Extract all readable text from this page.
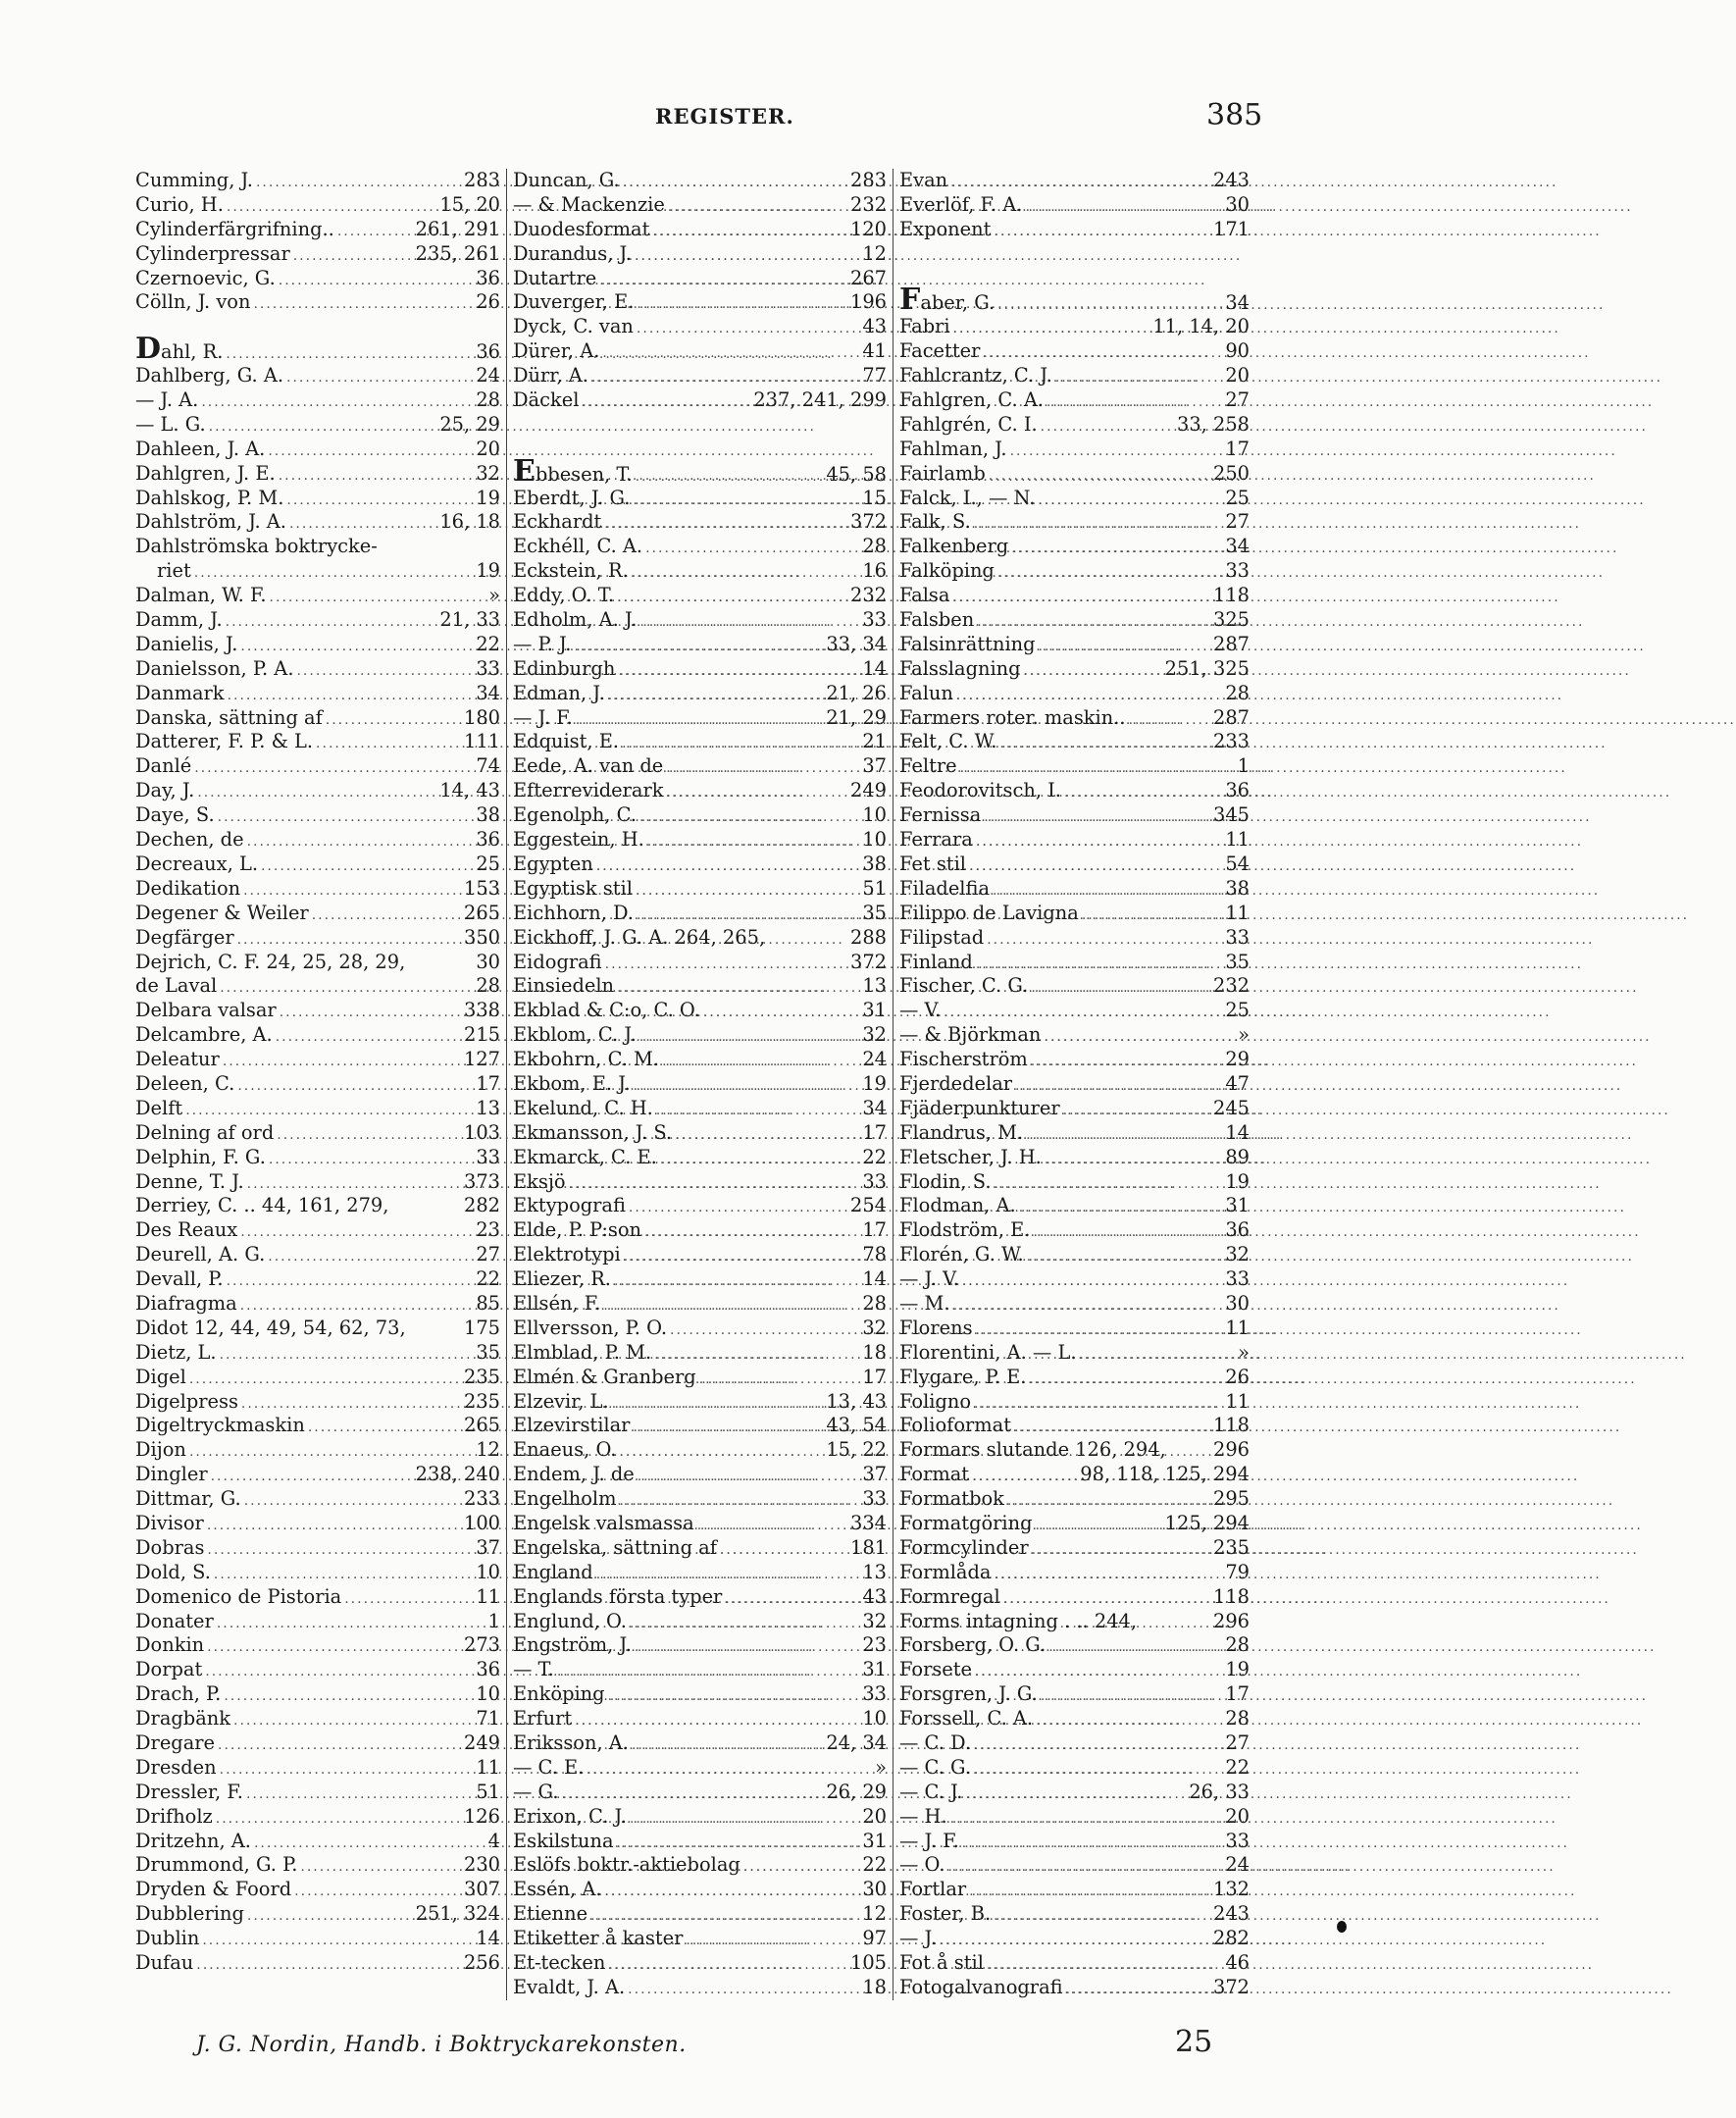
REGISTER.	385
Cumming, J. .....	283
Curio, H. .....	15, 20
Cylinderfärgrifning.. .....	261, 291
Cylinderpressar .....	235, 261
Czernoevic, G. .....	36
Cölln, J. von .....	26
Dahl, R. .....	36
Dahlberg, G. A. .....	24
— J. A. .....	28
— L. G. .....	25, 29
Dahleen, J. A. .....	20
Dahlgren, J. E. .....	32
Dahlskog, P. M. .....	19
Dahlström, J. A. .....	16, 18
Dahlströmska boktrycke-
riet .....	19
Dalman, W. F. .....	»
Damm, J. .....	21, 33
Danielis, J. .....	22
Danielsson, P. A. .....	33
Danmark .....	34
Danska, sättning af .....	180
Datterer, F. P. & L. .....	111
Danlé .....	74
Day, J. .....	14, 43
Daye, S. .....	38
Dechen, de .....	36
Decreaux, L. .....	25
Dedikation .....	153
Degener & Weiler .....	265
Degfärger .....	350
Dejrich, C. F. 24, 25, 28, 29,	30
de Laval .....	28
Delbara valsar .....	338
Delcambre, A. .....	215
Deleatur .....	127
Deleen, C. .....	17
Delft .....	13
Delning af ord .....	103
Delphin, F. G. .....	33
Denne, T. J. .....	373
Derriey, C. .. 44, 161, 279,	282
Des Reaux .....	23
Deurell, A. G. .....	27
Devall, P. .....	22
Diafragma .....	85
Didot 12, 44, 49, 54, 62, 73,	175
Dietz, L. .....	35
Digel .....	235
Digelpress .....	235
Digeltryckmaskin .....	265
Dijon .....	12
Dingler .....	238, 240
Dittmar, G. .....	233
Divisor .....	100
Dobras .....	37
Dold, S. .....	10
Domenico de Pistoria .....	11
Donater .....	1
Donkin .....	273
Dorpat .....	36
Drach, P. .....	10
Dragbänk .....	71
Dregare .....	249
Dresden .....	11
Dressler, F. .....	51
Drifholz .....	126
Dritzehn, A. .....	4
Drummond, G. P. .....	230
Dryden & Foord .....	307
Dubblering .....	251, 324
Dublin .....	14
Dufau .....	256
Duncan, G. .....	283
— & Mackenzie .....	232
Duodesformat .....	120
Durandus, J. .....	12
Dutartre .....	267
Duverger, E. .....	196
Dyck, C. van .....	43
Dürer, A. .....	41
Dürr, A. .....	77
Däckel .....	237, 241, 299
Ebbesen, T. .....	45, 58
Eberdt, J. G. .....	15
Eckhardt .....	372
Eckhéll, C. A. .....	28
Eckstein, R. .....	16
Eddy, O. T. .....	232
Edholm, A. J. .....	33
— P. J. .....	33, 34
Edinburgh .....	14
Edman, J. .....	21, 26
— J. F. .....	21, 29
Edquist, E. .....	21
Eede, A. van de .....	37
Efterreviderark .....	249
Egenolph, C. .....	10
Eggestein, H. .....	10
Egypten .....	38
Egyptisk stil .....	51
Eichhorn, D. .....	35
Eickhoff, J. G. A. 264, 265,	288
Eidografi .....	372
Einsiedeln .....	13
Ekblad & C:o, C. O. .....	31
Ekblom, C. J. .....	32
Ekbohrn, C. M. .....	24
Ekbom, E. J. .....	19
Ekelund, C. H. .....	34
Ekmansson, J. S. .....	17
Ekmarck, C. E. .....	22
Eksjö .....	33
Ektypografi .....	254
Elde, P. P:son .....	17
Elektrotypi .....	78
Eliezer, R. .....	14
Ellsén, F. .....	28
Ellversson, P. O. .....	32
Elmblad, P. M. .....	18
Elmén & Granberg .....	17
Elzevir, L. .....	13, 43
Elzevirstilar .....	43, 54
Enaeus, O. .....	15, 22
Endem, J. de .....	37
Engelholm .....	33
Engelsk valsmassa .....	334
Engelska, sättning af .....	181
England .....	13
Englands första typer .....	43
Englund, O. .....	32
Engström, J. .....	23
— T. .....	31
Enköping .....	33
Erfurt .....	10
Eriksson, A. .....	24, 34
— C. E. .....	»
— G. .....	26, 29
Erixon, C. J. .....	20
Eskilstuna .....	31
Eslöfs boktr.-aktiebolag .....	22
Essén, A. .....	30
Etienne .....	12
Etiketter å kaster .....	97
Et-tecken .....	105
Evaldt, J. A. .....	18
Evan .....	243
Everlöf, F. A. .....	30
Exponent .....	171
Faber, G. .....	34
Fabri .....	11, 14, 20
Facetter .....	90
Fahlcrantz, C. J. .....	20
Fahlgren, C. A. .....	27
Fahlgrén, C. I. .....	33, 258
Fahlman, J. .....	17
Fairlamb .....	250
Falck, I., — N. .....	25
Falk, S. .....	27
Falkenberg .....	34
Falköping .....	33
Falsa .....	118
Falsben .....	325
Falsinrättning .....	287
Falsslagning .....	251, 325
Falun .....	28
Farmers roter. maskin.. .....	287
Felt, C. W. .....	233
Feltre .....	1
Feodorovitsch, I. .....	36
Fernissa .....	345
Ferrara .....	11
Fet stil .....	54
Filadelfia .....	38
Filippo de Lavigna .....	11
Filipstad .....	33
Finland .....	35
Fischer, C. G. .....	232
— V. .....	25
— & Björkman .....	»
Fischerström .....	29
Fjerdedelar .....	47
Fjäderpunkturer .....	245
Flandrus, M. .....	14
Fletscher, J. H. .....	89
Flodin, S. .....	19
Flodman, A. .....	31
Flodström, E. .....	36
Florén, G. W. .....	32
— J. V. .....	33
— M. .....	30
Florens .....	11
Florentini, A. — L. .....	»
Flygare, P. E. .....	26
Foligno .....	11
Folioformat .....	118
Formars slutande 126, 294, 296
Format .....	98, 118, 125, 294
Formatbok .....	295
Formatgöring .....	125, 294
Formcylinder .....	235
Formlåda .....	79
Formregal .....	118
Forms intagning . .. 244,	296
Forsberg, O. G. .....	28
Forsete .....	19
Forsgren, J. G. .....	17
Forssell, C. A. .....	28
— C. D. .....	27
— C. G. .....	22
— C. J. .....	26, 33
— H. .....	20
— J. F. .....	33
— O. .....	24
Fortlar .....	132
Foster, B. .....	243
— J. .....	282
Fot å stil .....	46
Fotogalvanografi .....	372
J. G. Nordin, Handb. i Boktryckarekonsten.	25
